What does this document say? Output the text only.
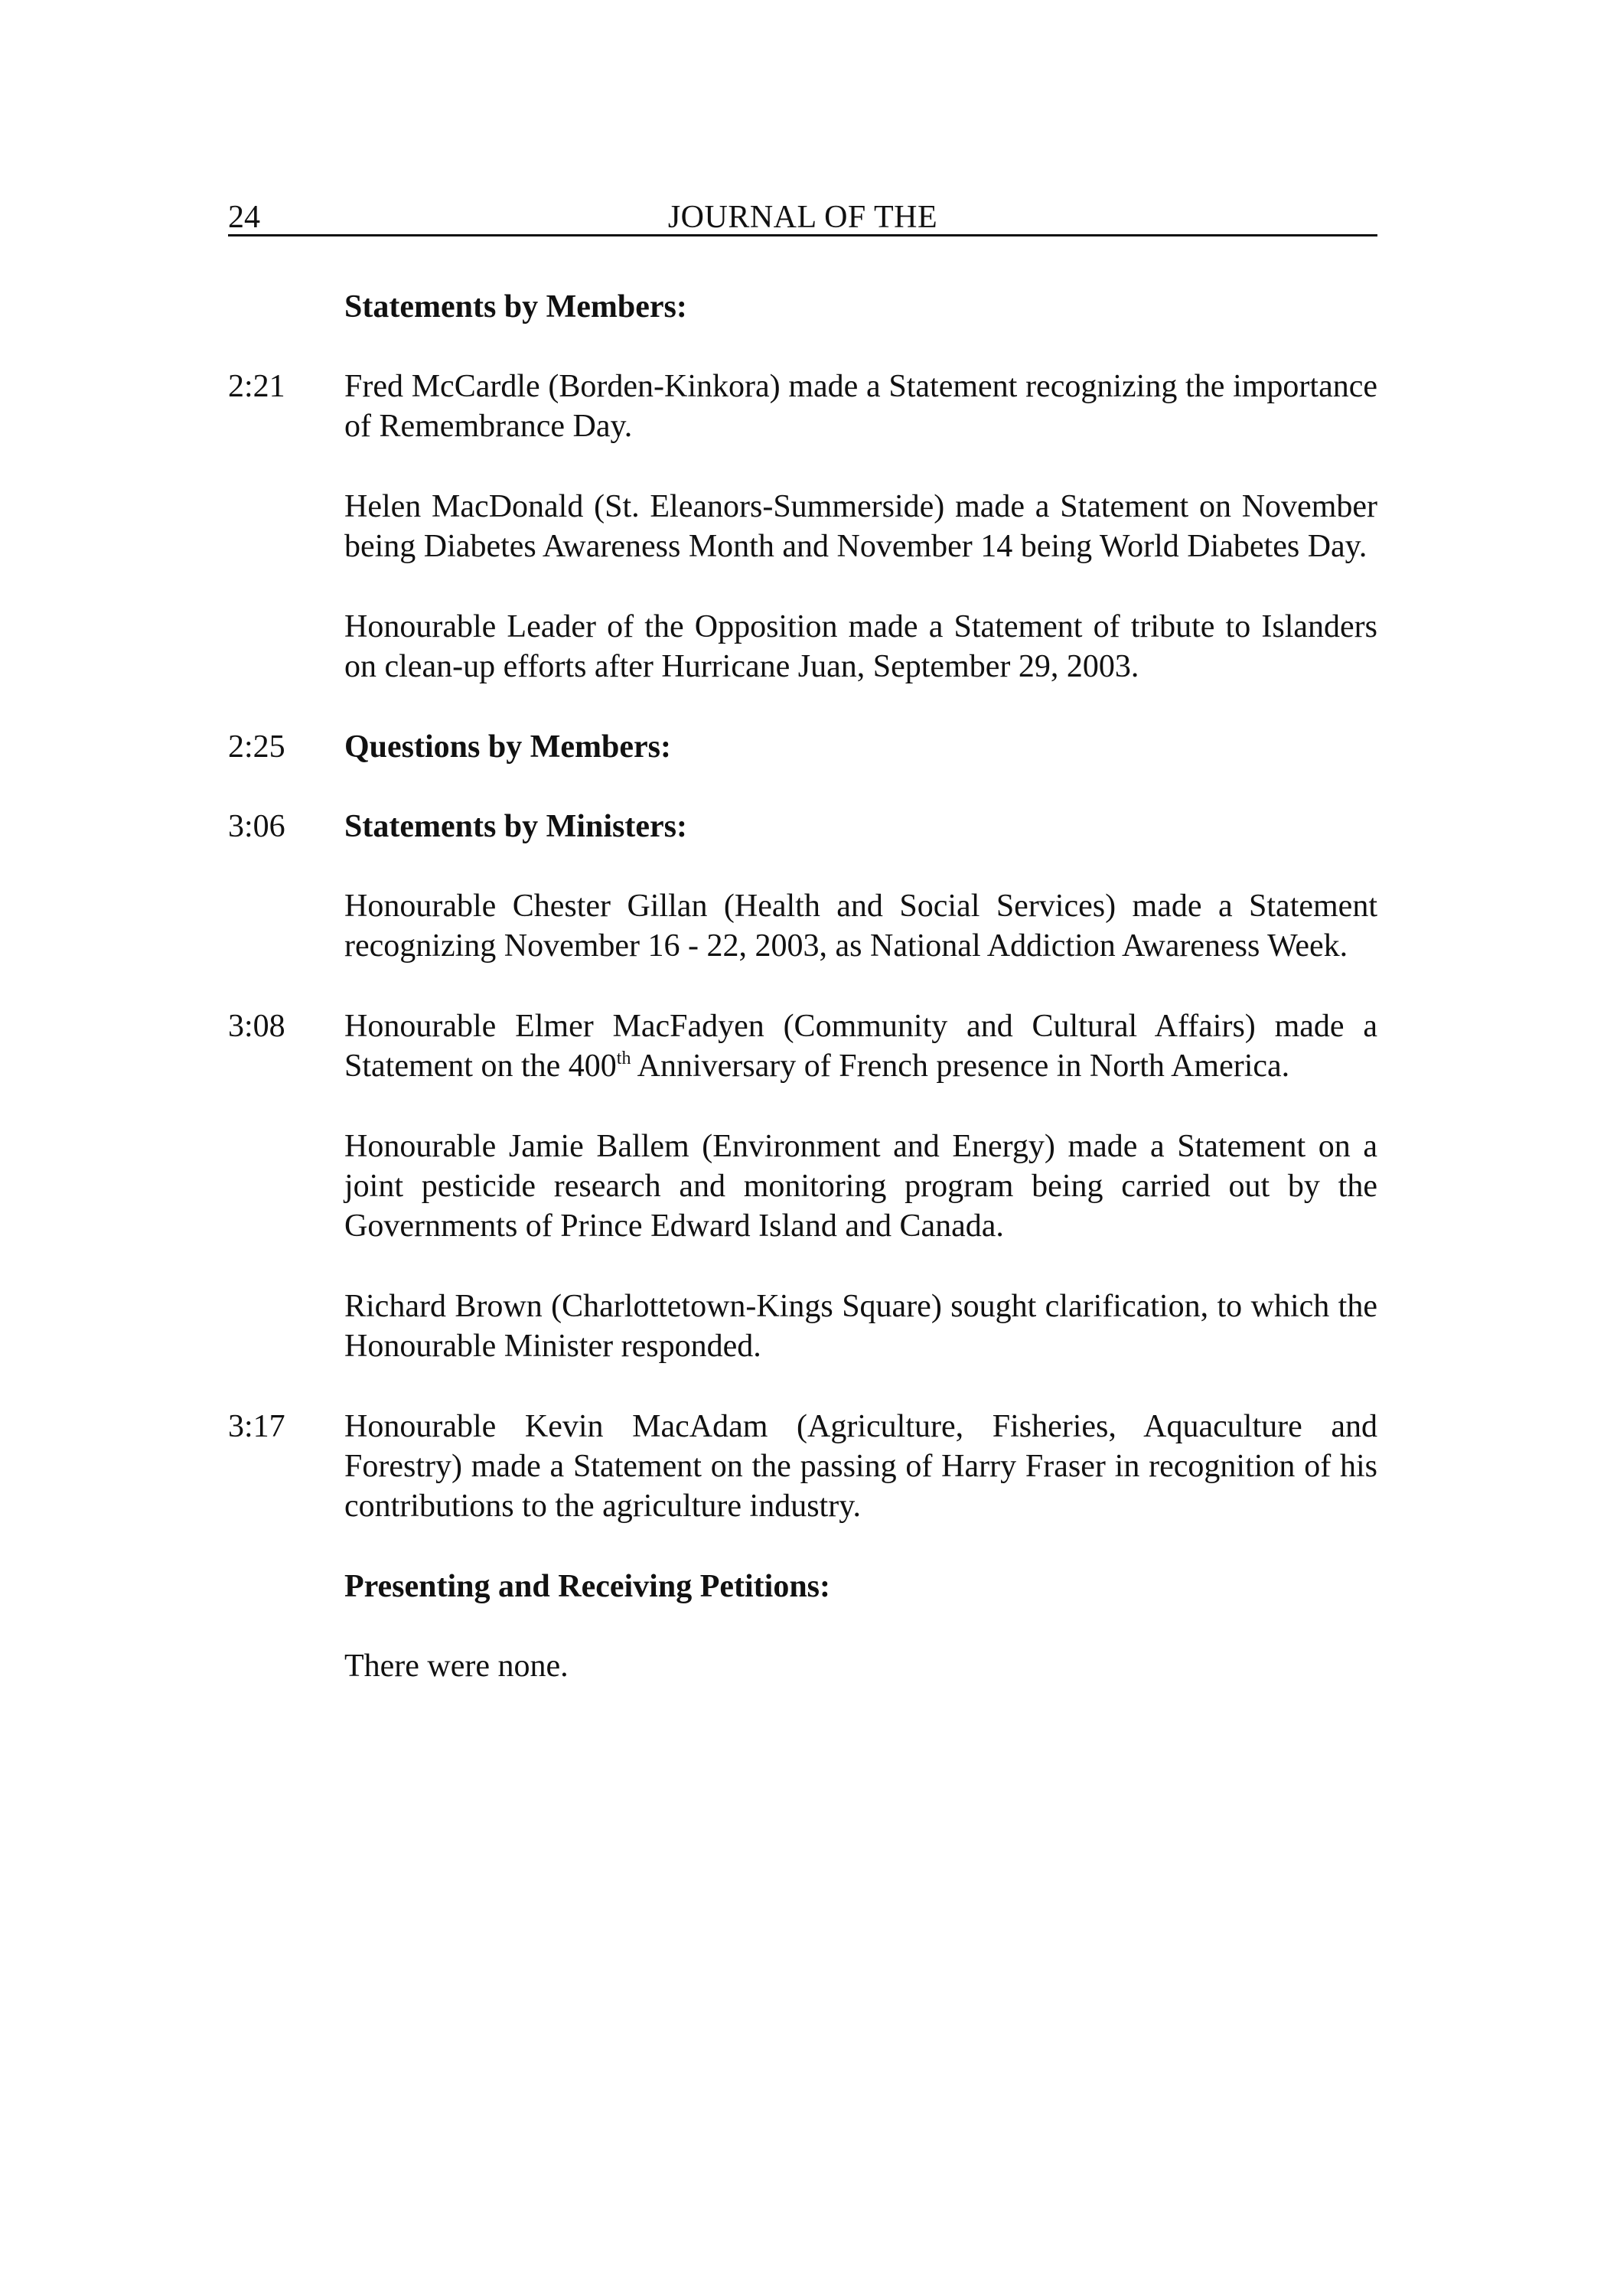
24	JOURNAL OF THE
Statements by Members:
2:21 Fred McCardle (Borden-Kinkora) made a Statement recognizing the importance of Remembrance Day.
Helen MacDonald (St. Eleanors-Summerside) made a Statement on November being Diabetes Awareness Month and November 14 being World Diabetes Day.
Honourable Leader of the Opposition made a Statement of tribute to Islanders on clean-up efforts after Hurricane Juan, September 29, 2003.
2:25 Questions by Members:
3:06 Statements by Ministers:
Honourable Chester Gillan (Health and Social Services) made a Statement recognizing November 16 - 22, 2003, as National Addiction Awareness Week.
3:08 Honourable Elmer MacFadyen (Community and Cultural Affairs) made a Statement on the 400th Anniversary of French presence in North America.
Honourable Jamie Ballem (Environment and Energy) made a Statement on a joint pesticide research and monitoring program being carried out by the Governments of Prince Edward Island and Canada.
Richard Brown (Charlottetown-Kings Square) sought clarification, to which the Honourable Minister responded.
3:17 Honourable Kevin MacAdam (Agriculture, Fisheries, Aquaculture and Forestry) made a Statement on the passing of Harry Fraser in recognition of his contributions to the agriculture industry.
Presenting and Receiving Petitions:
There were none.
